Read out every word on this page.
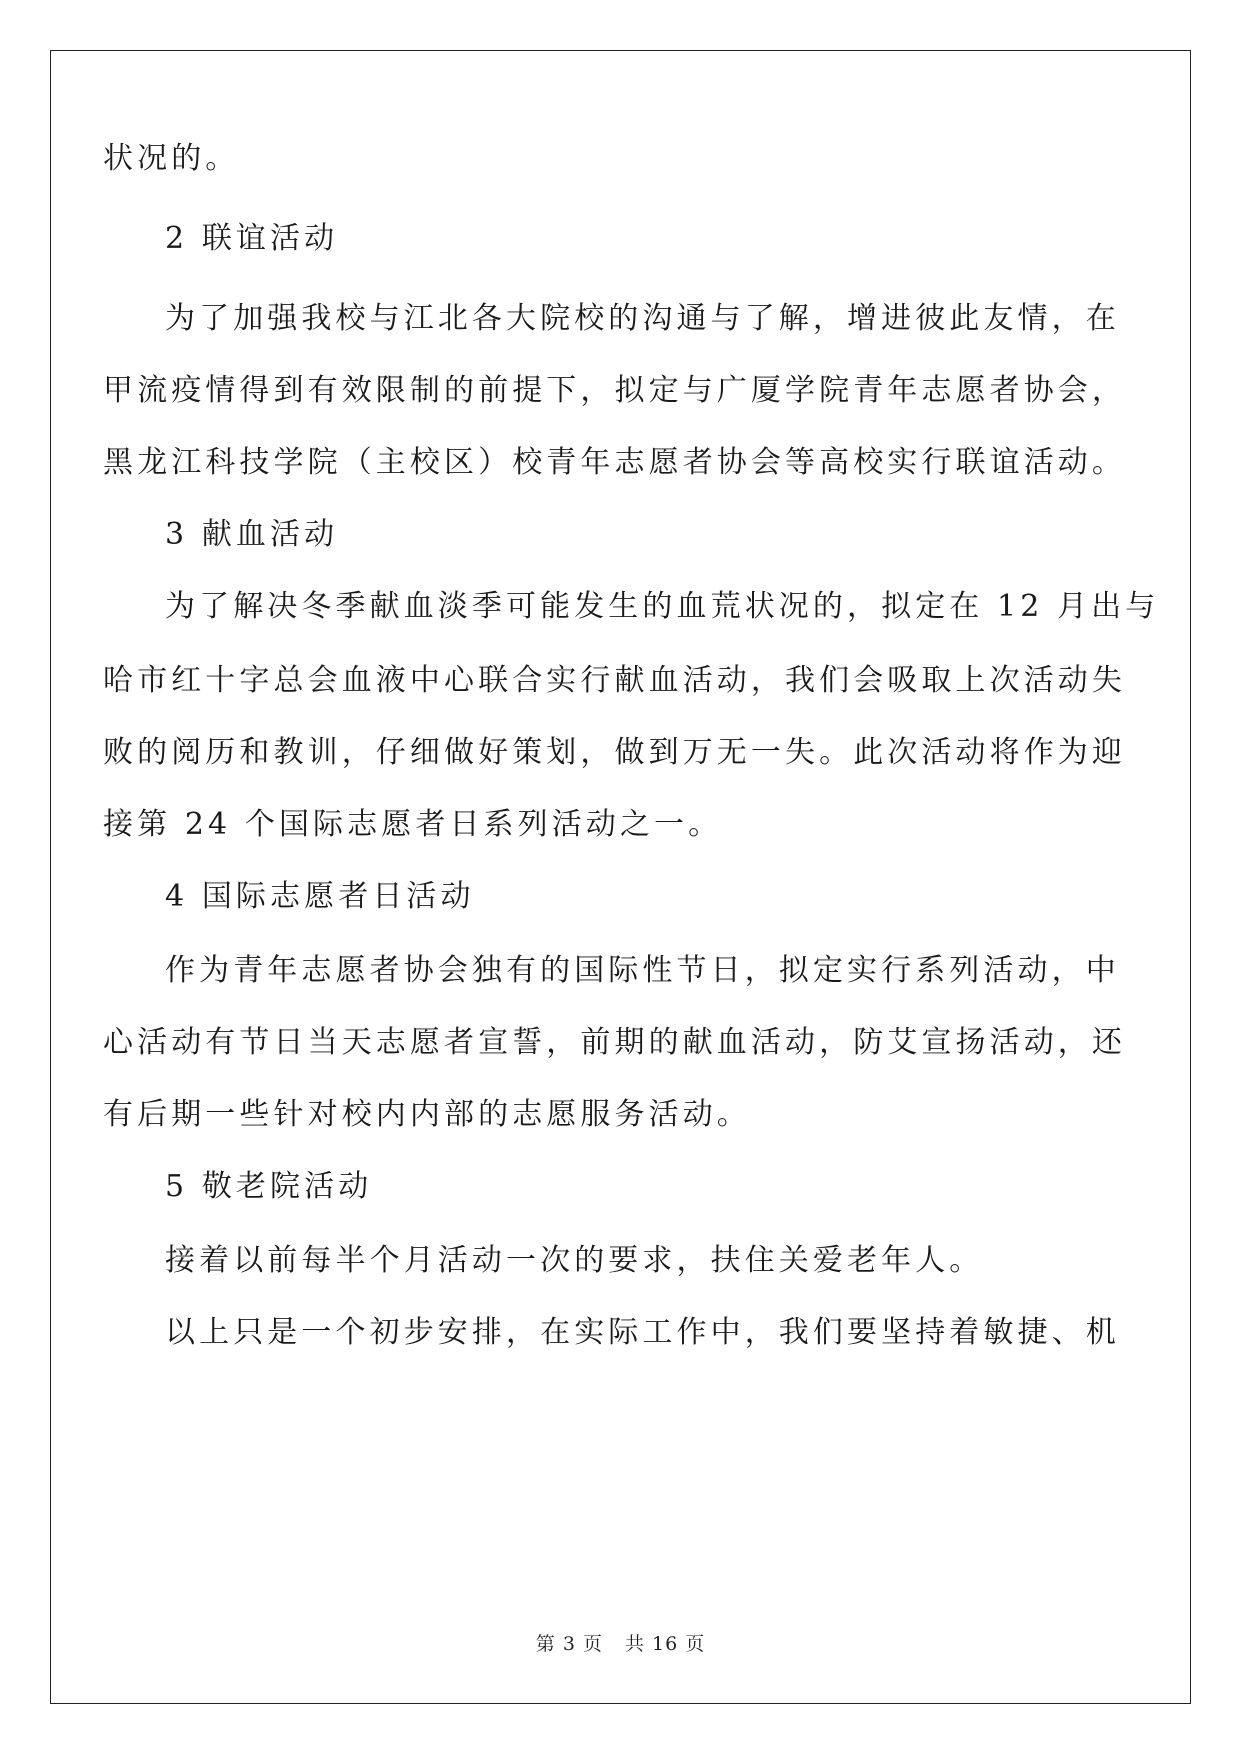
状况的。
2 联谊活动
为了加强我校与江北各大院校的沟通与了解，增进彼此友情，在
甲流疫情得到有效限制的前提下，拟定与广厦学院青年志愿者协会，
黑龙江科技学院（主校区）校青年志愿者协会等高校实行联谊活动。
3 献血活动
为了解决冬季献血淡季可能发生的血荒状况的，拟定在 12 月出与
哈市红十字总会血液中心联合实行献血活动，我们会吸取上次活动失
败的阅历和教训，仔细做好策划，做到万无一失。此次活动将作为迎
接第 24 个国际志愿者日系列活动之一。
4 国际志愿者日活动
作为青年志愿者协会独有的国际性节日，拟定实行系列活动，中
心活动有节日当天志愿者宣誓，前期的献血活动，防艾宣扬活动，还
有后期一些针对校内内部的志愿服务活动。
5 敬老院活动
接着以前每半个月活动一次的要求，扶住关爱老年人。
以上只是一个初步安排，在实际工作中，我们要坚持着敏捷、机
第 3 页 共 16 页
